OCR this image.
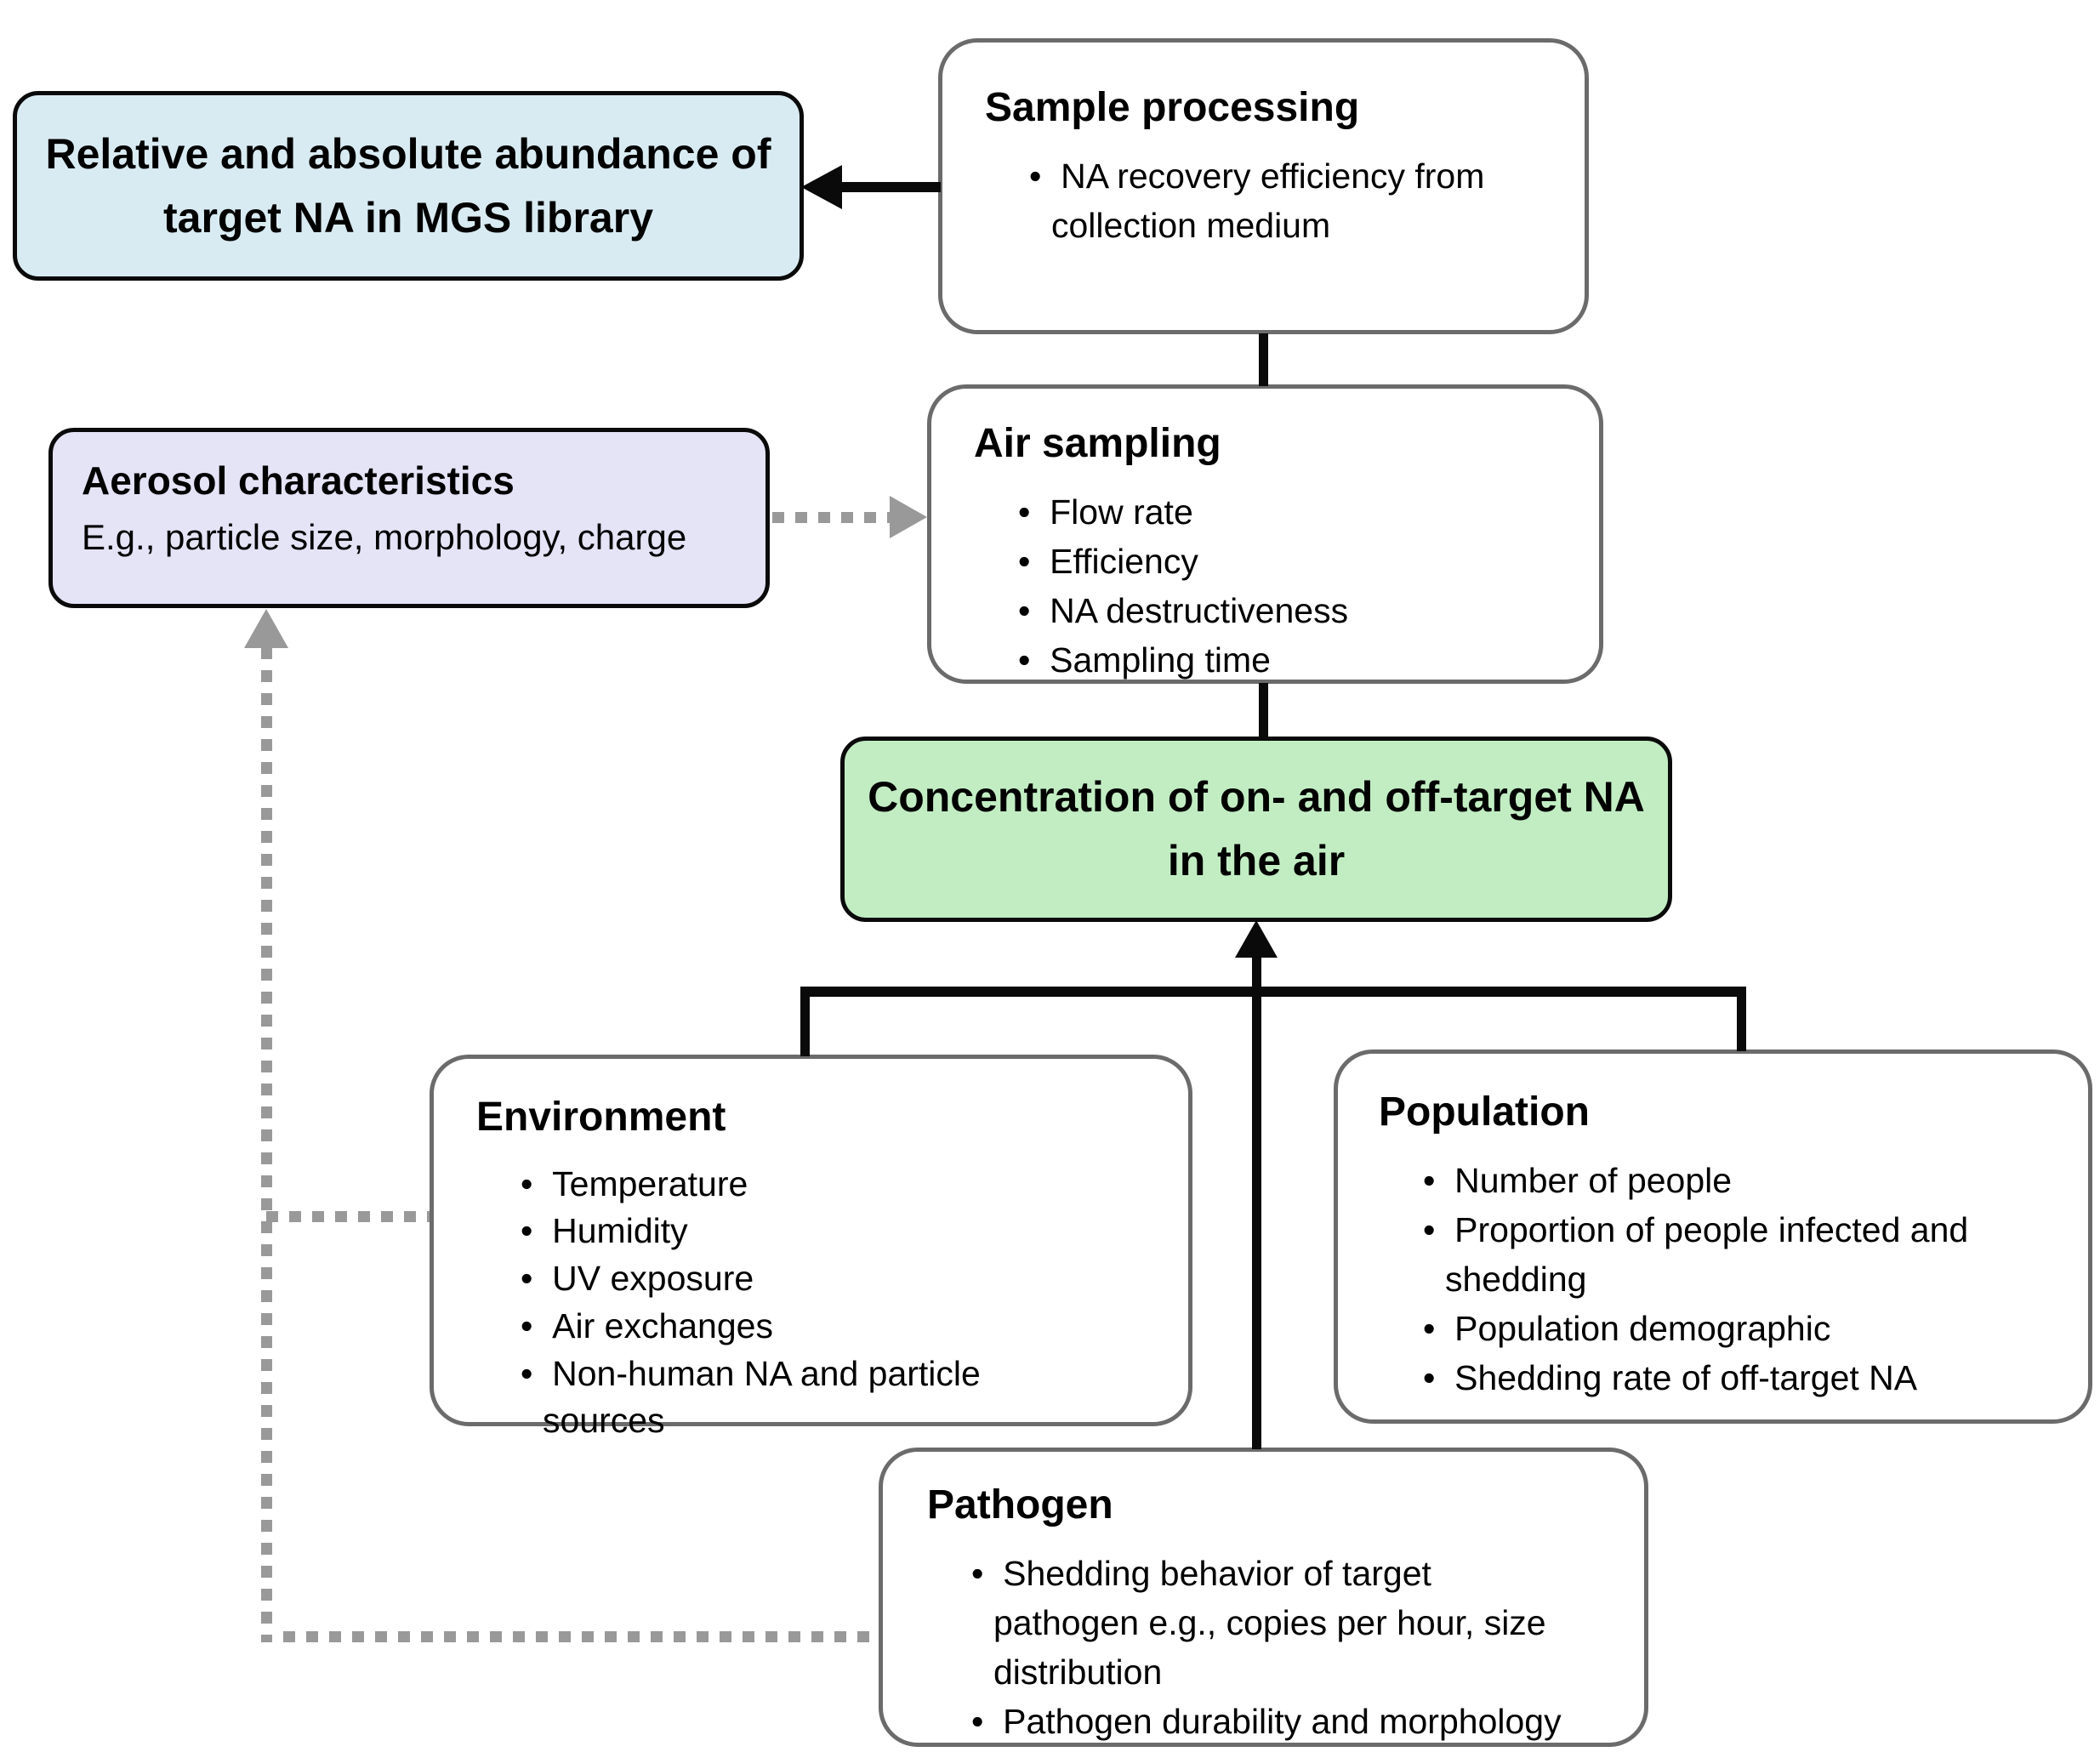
Relative and absolute abundance of target NA in MGS library
Sample processing
•  NA recovery efficiency from collection medium
Aerosol characteristics
E.g., particle size, morphology, charge
Air sampling
•  Flow rate
•  Efficiency
•  NA destructiveness
•  Sampling time
Concentration of on- and off-target NA in the air
Environment
•  Temperature
•  Humidity
•  UV exposure
•  Air exchanges
•  Non-human NA and particle sources
Population
•  Number of people
•  Proportion of people infected and shedding
•  Population demographic
•  Shedding rate of off-target NA
Pathogen
•  Shedding behavior of target pathogen e.g., copies per hour, size distribution
•  Pathogen durability and morphology
